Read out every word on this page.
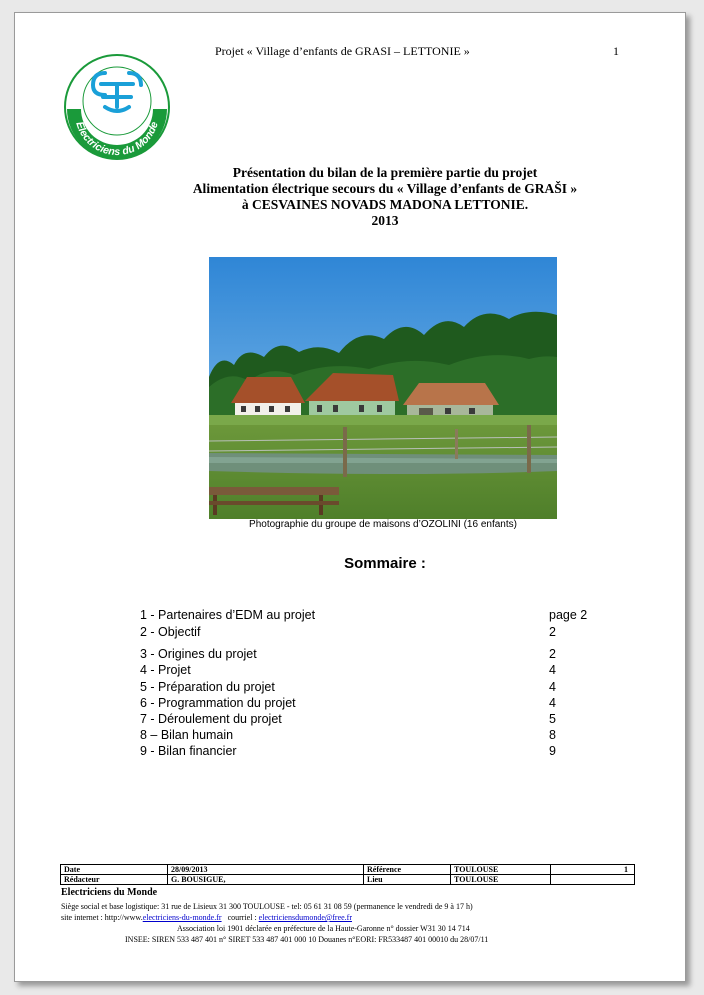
Projet « Village d’enfants de GRASI – LETTONIE »	1
Electriciens du Monde
Présentation du bilan de la première partie du projet
Alimentation électrique secours du « Village d’enfants de GRAŠI »
à CESVAINES NOVADS MADONA LETTONIE.
2013
Photographie du groupe de maisons d’OZOLINI (16 enfants)
Sommaire :
1 - Partenaires d’EDM au projet	page 2
2 - Objectif	2
3 - Origines du projet	2
4 - Projet	4
5 - Préparation du projet	4
6 - Programmation du projet	4
7 - Déroulement du projet	5
8 – Bilan humain	8
9 - Bilan financier	9
Date	28/09/2013	Référence	TOULOUSE	1
Rédacteur	G. BOUSIGUE,	Lieu	TOULOUSE	
Electriciens du Monde
Siège social et base logistique: 31 rue de Lisieux 31 300 TOULOUSE - tel: 05 61 31 08 59 (permanence le vendredi de 9 à 17 h)
site internet : http://www.electriciens-du-monde.fr courriel : electriciensdumonde@free.fr
Association loi 1901 déclarée en préfecture de la Haute-Garonne n° dossier W31 30 14 714
INSEE: SIREN 533 487 401 n° SIRET 533 487 401 000 10 Douanes n°EORI: FR533487 401 00010 du 28/07/11
